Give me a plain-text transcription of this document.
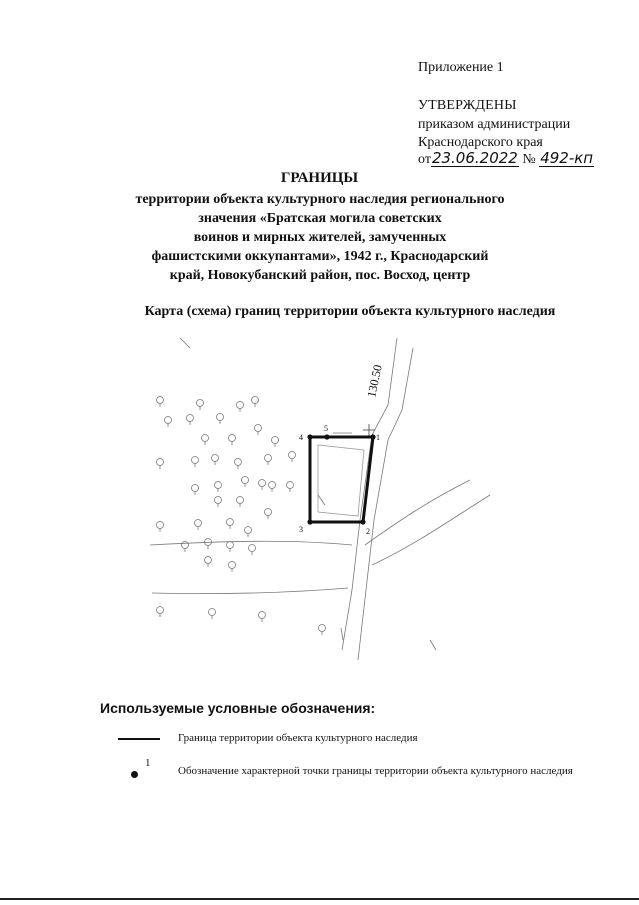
Приложение 1
УТВЕРЖДЕНЫ
приказом администрации
Краснодарского края
от23.06.2022 № 492-кп
ГРАНИЦЫ
территории объекта культурного наследия регионального
значения «Братская могила советских
воинов и мирных жителей, замученных
фашистскими оккупантами», 1942 г., Краснодарский
край, Новокубанский район, пос. Восход, центр
Карта (схема) границ территории объекта культурного наследия
1
2
3
4
5
130.50
Используемые условные обозначения:
Граница территории объекта культурного наследия
1
Обозначение характерной точки границы территории объекта культурного наследия
